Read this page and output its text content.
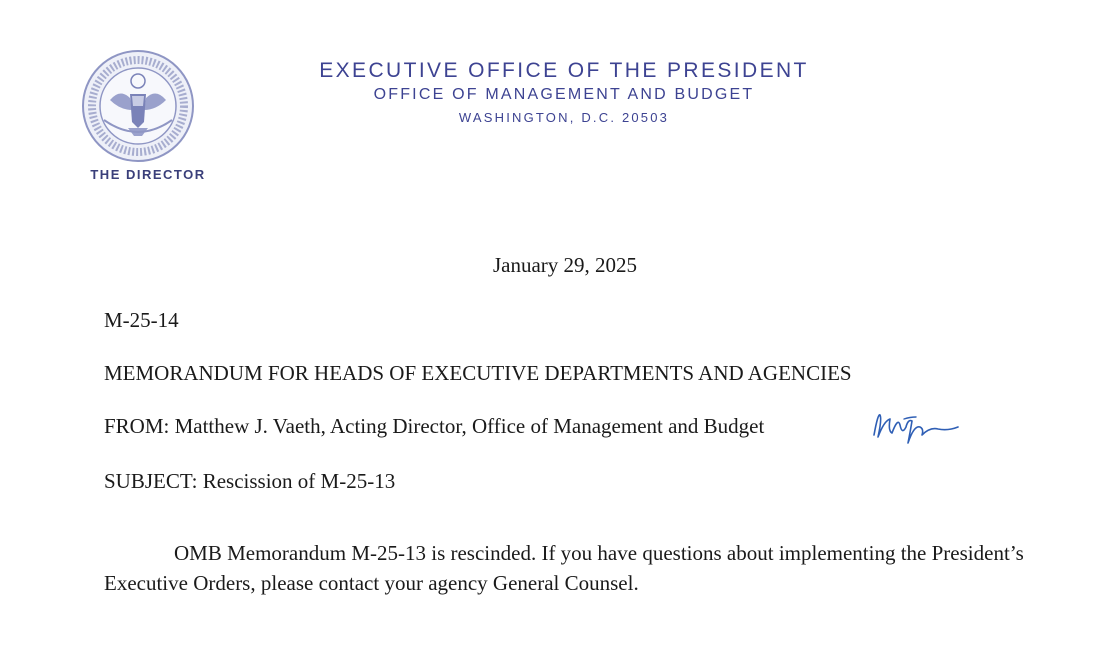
THE DIRECTOR
EXECUTIVE OFFICE OF THE PRESIDENT
OFFICE OF MANAGEMENT AND BUDGET
WASHINGTON, D.C. 20503
January 29, 2025
M-25-14
MEMORANDUM FOR HEADS OF EXECUTIVE DEPARTMENTS AND AGENCIES
FROM: Matthew J. Vaeth, Acting Director, Office of Management and Budget
SUBJECT: Rescission of M-25-13
OMB Memorandum M-25-13 is rescinded. If you have questions about implementing the President’s Executive Orders, please contact your agency General Counsel.
